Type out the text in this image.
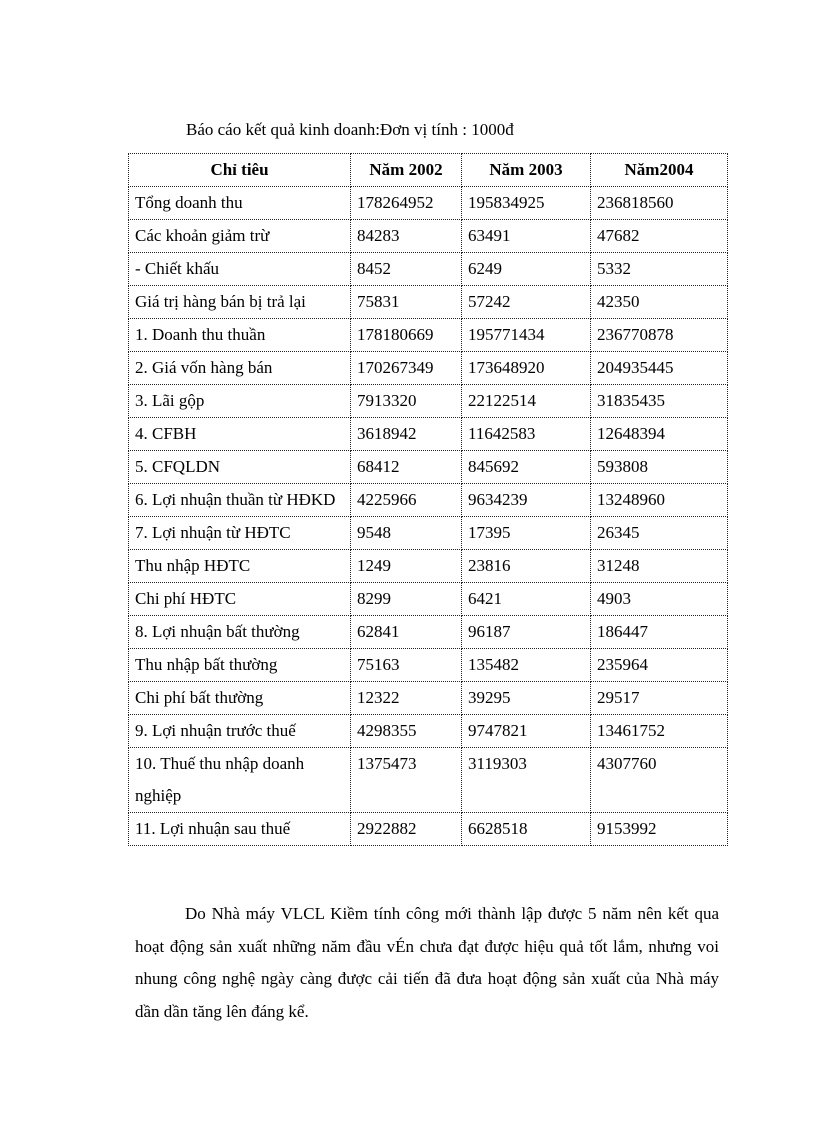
Báo cáo kết quả kinh doanh:Đơn vị tính : 1000đ
Chỉ tiêu	Năm 2002	Năm 2003	Năm2004
Tổng doanh thu	178264952	195834925	236818560
Các khoản giảm trừ	84283	63491	47682
- Chiết khấu	8452	6249	5332
Giá trị hàng bán bị trả lại	75831	57242	42350
1. Doanh thu thuần	178180669	195771434	236770878
2. Giá vốn hàng bán	170267349	173648920	204935445
3. Lãi gộp	7913320	22122514	31835435
4. CFBH	3618942	11642583	12648394
5. CFQLDN	68412	845692	593808
6. Lợi nhuận thuần từ HĐKD	4225966	9634239	13248960
7. Lợi nhuận từ HĐTC	9548	17395	26345
Thu nhập HĐTC	1249	23816	31248
Chi phí HĐTC	8299	6421	4903
8. Lợi nhuận bất thường	62841	96187	186447
Thu nhập bất thường	75163	135482	235964
Chi phí bất thường	12322	39295	29517
9. Lợi nhuận trước thuế	4298355	9747821	13461752
10. Thuế thu nhập doanh nghiệp	1375473	3119303	4307760
11. Lợi nhuận sau thuế	2922882	6628518	9153992
Do Nhà máy VLCL Kiềm tính công mới thành lập được 5 năm nên kết qua hoạt động sản xuất những năm đầu vÉn chưa đạt được hiệu quả tốt lắm, nhưng voi nhung công nghệ ngày càng được cải tiến đã đưa hoạt động sản xuất của Nhà máy dần dần tăng lên đáng kể.
